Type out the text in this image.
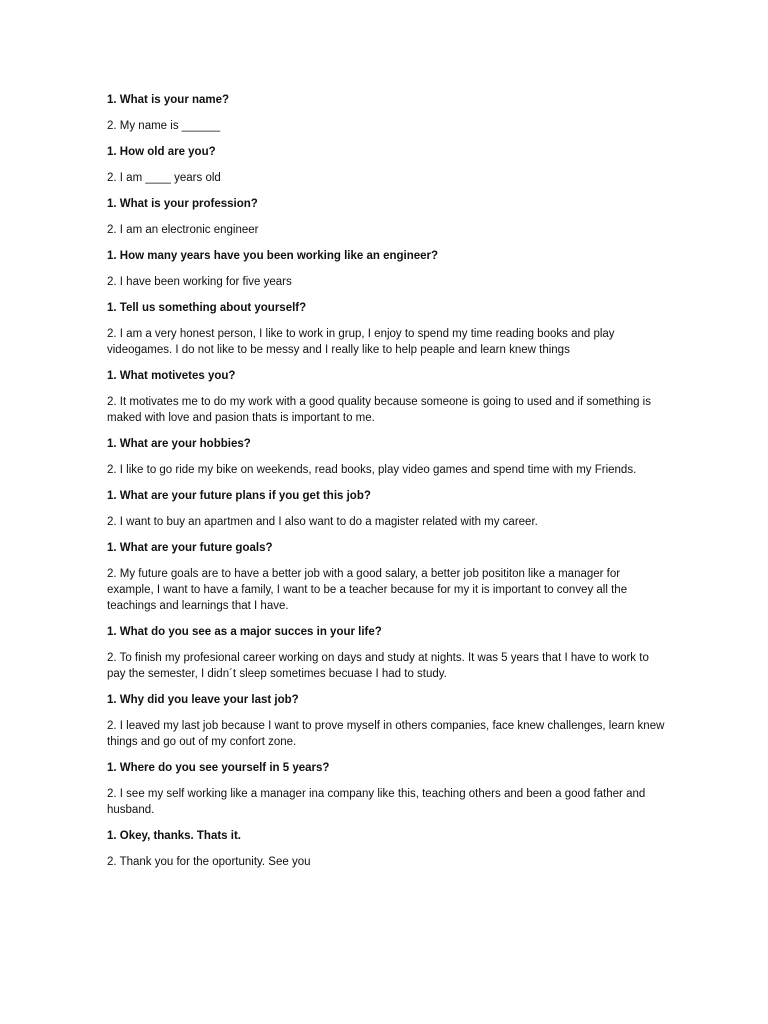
1. What is your name?

2. My name is ______

1. How old are you?

2. I am ____ years old

1. What is your profession?

2. I am an electronic engineer

1. How many years have you been working like an engineer?

2. I have been working for five years

1. Tell us something about yourself?

2. I am a very honest person, I like to work in grup, I enjoy to spend my time reading books and play videogames. I do not like to be messy and I really like to help peaple and learn knew things

1. What motivetes you?

2. It motivates me to do my work with a good quality because someone is going to used and if something is maked with love and pasion thats is important to me.

1. What are your hobbies?

2. I like to go ride my bike on weekends, read books, play video games and spend time with my Friends.

1. What are your future plans if you get this job?

2. I want to buy an apartmen and I also want to do a magister related with my career.

1. What are your future goals?

2. My future goals are to have a better job with a good salary, a better job posititon like a manager for example, I want to have a family, I want to be a teacher because for my it is important to convey all the teachings and learnings that I have.

1. What do you see as a major succes in your life?

2. To finish my profesional career working on days and study at nights. It was 5 years that I have to work to pay the semester, I didn´t sleep sometimes becuase I had to study.

1. Why did you leave your last job?

2. I leaved my last job because I want to prove myself in others companies, face knew challenges, learn knew things and go out of my confort zone.

1. Where do you see yourself in 5 years?

2. I see my self working like a manager ina company like this, teaching others and been a good father and husband.

1. Okey, thanks. Thats it.

2. Thank you for the oportunity. See you
